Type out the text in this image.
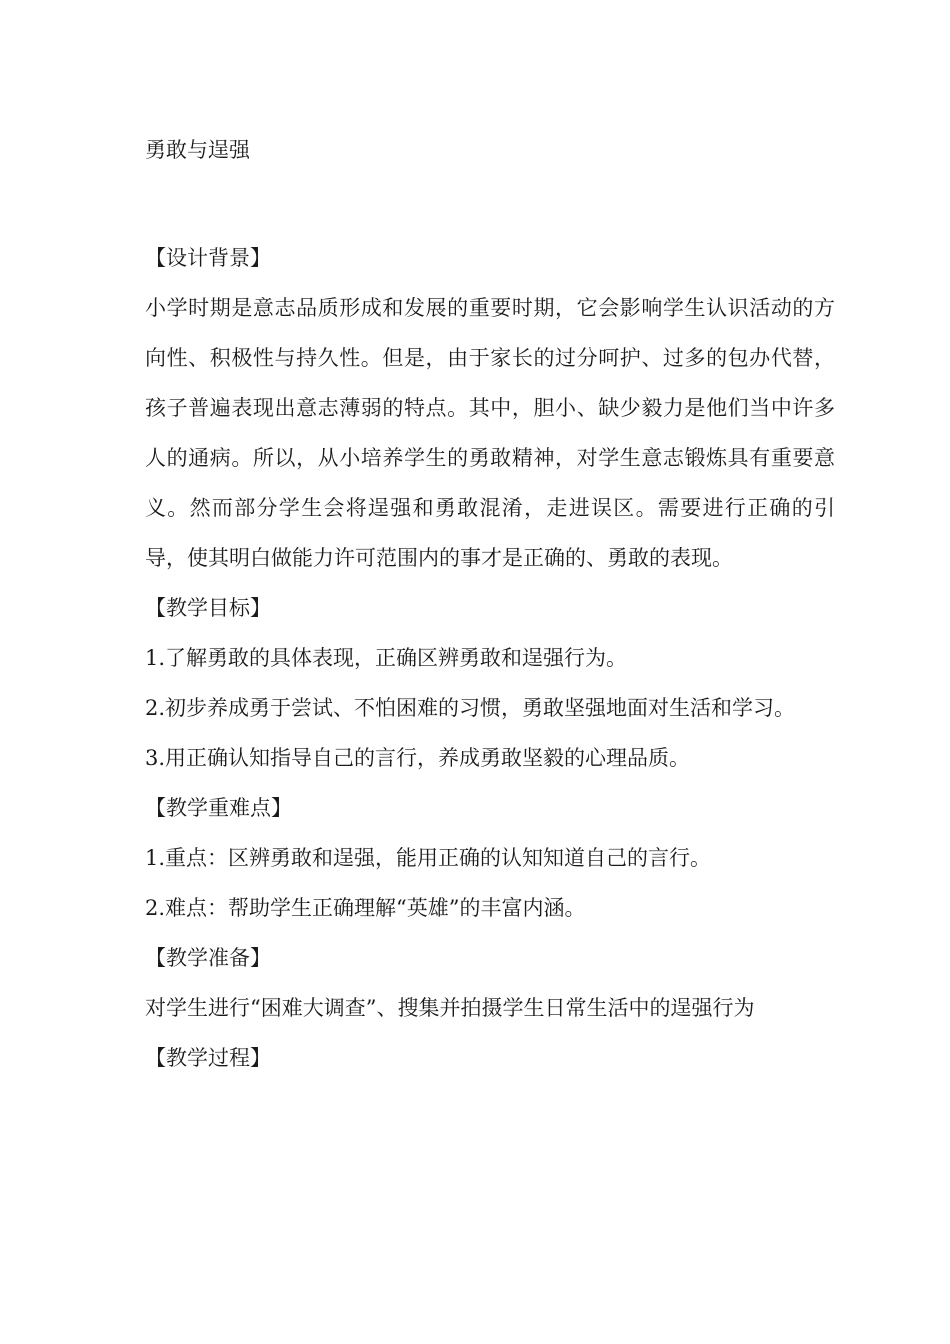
勇敢与逞强

【设计背景】

小学时期是意志品质形成和发展的重要时期，它会影响学生认识活动的方向性、积极性与持久性。但是，由于家长的过分呵护、过多的包办代替，孩子普遍表现出意志薄弱的特点。其中，胆小、缺少毅力是他们当中许多人的通病。所以，从小培养学生的勇敢精神，对学生意志锻炼具有重要意义。然而部分学生会将逞强和勇敢混淆，走进误区。需要进行正确的引导，使其明白做能力许可范围内的事才是正确的、勇敢的表现。

【教学目标】

1.了解勇敢的具体表现，正确区辨勇敢和逞强行为。

2.初步养成勇于尝试、不怕困难的习惯，勇敢坚强地面对生活和学习。

3.用正确认知指导自己的言行，养成勇敢坚毅的心理品质。

【教学重难点】

1.重点：区辨勇敢和逞强，能用正确的认知知道自己的言行。

2.难点：帮助学生正确理解“英雄”的丰富内涵。

【教学准备】

对学生进行“困难大调查”、搜集并拍摄学生日常生活中的逞强行为

【教学过程】
